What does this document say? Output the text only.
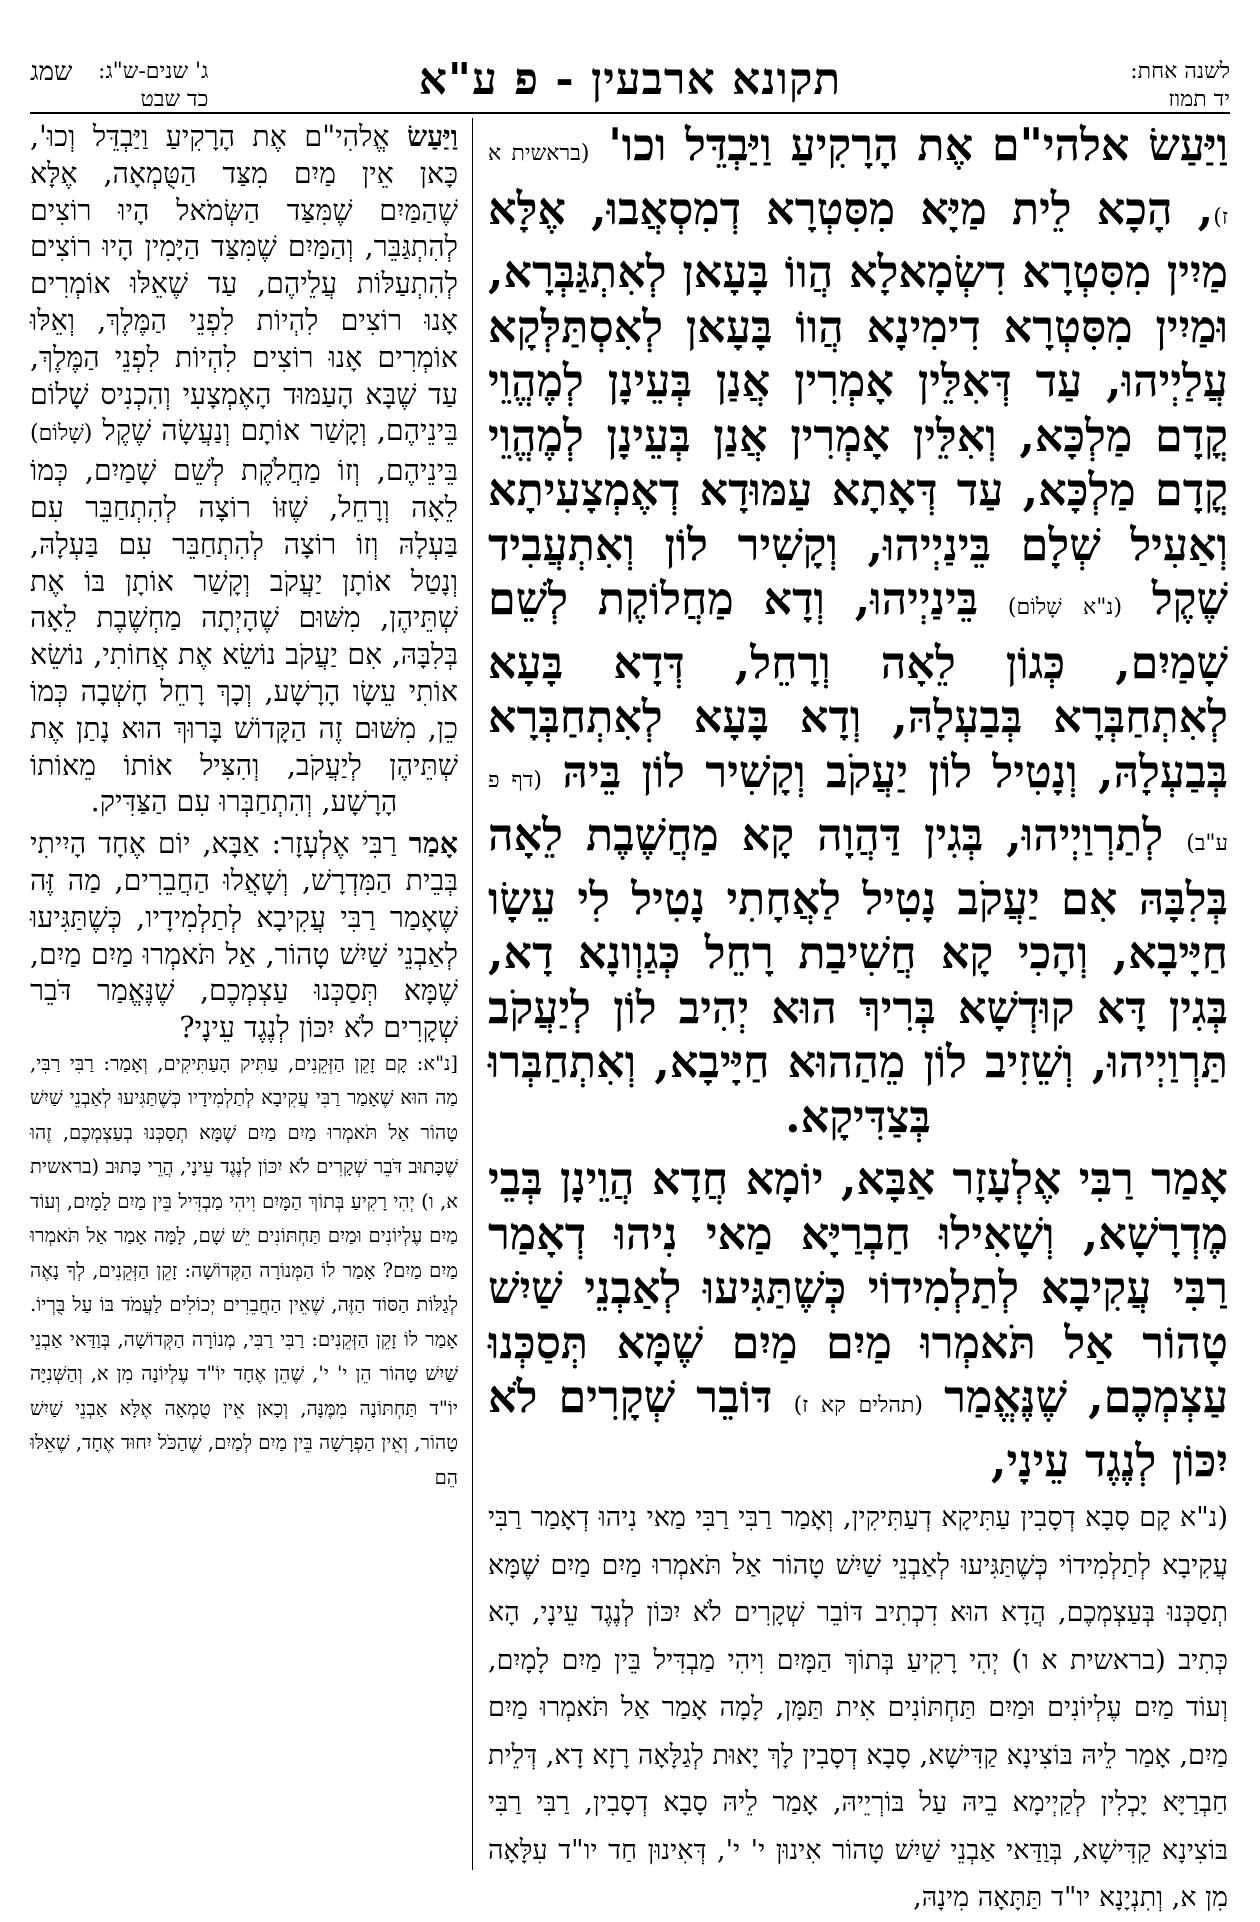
לשנה אחת:
יד תמוז
תקונא ארבעין - פ ע"א
שמג ג' שנים-ש"ג:
כד שבט

וַיַּעַשׂ אלהי"ם אֶת הָרָקִיעַ וַיַּבְדֵּל וכו' (בראשית א ז), הָכָא לֵית מַיָּא מִסִּטְרָא דְמִסְאֲבוּ, אֶלָּא מַיִין מִסִּטְרָא דִשְׂמָאלָא הֲווֹ בָּעָאן לְאִתְגַּבְּרָא, וּמַיִין מִסִּטְרָא דִימִינָא הֲווֹ בָּעָאן לְאִסְתַּלְּקָא עֲלַיְיהוּ, עַד דְּאִלֵּין אָמְרִין אֲנַן בְּעֵינָן לְמֶהֱוֵי קֳדָם מַלְכָּא, וְאִלֵּין אָמְרִין אֲנַן בְּעֵינָן לְמֶהֱוֵי קֳדָם מַלְכָּא, עַד דְּאָתָא עַמּוּדָא דְאֶמְצָעִיתָא וְאַעִיל שְׁלָם בֵּינַיְיהוּ, וְקָשִׁיר לוֹן וְאִתְעֲבִיד שֶׁקֶל (נ"א שָׁלוֹם) בֵּינַיְיהוּ, וְדָא מַחֲלוֹקֶת לְשֵׁם שָׁמַיִם, כְּגוֹן לֵאָה וְרָחֵל, דְּדָא בָּעָא לְאִתְחַבְּרָא בְּבַעְלָהּ, וְדָא בָּעָא לְאִתְחַבְּרָא בְּבַעְלָהּ, וְנָטִיל לוֹן יַעֲקֹב וְקָשִׁיר לוֹן בֵּיהּ (דף פ ע"ב) לְתַרְוַיְיהוּ, בְּגִין דַּהֲוָה קָא מַחֲשֶׁבֶת לֵאָה בְּלִבָּהּ אִם יַעֲקֹב נָטִיל לַאֲחָתִי נָטִיל לִי עֵשָׂו חַיָּיבָא, וְהָכִי קָא חֲשִׁיבַת רָחֵל כְּגַוְונָא דָא, בְּגִין דָּא קוּדְשָׁא בְּרִיךְ הוּא יְהִיב לוֹן לְיַעֲקֹב תַּרְוַיְיהוּ, וְשֵׁזִיב לוֹן מֵהַהוּא חַיָּיבָא, וְאִתְחַבְּרוּ בְּצַדִּיקָא.

אָמַר רַבִּי אֶלְעָזָר אַבָּא, יוֹמָא חֲדָא הֲוֵינָן בְּבֵי מֶדְרָשָׁא, וְשָׁאִילוּ חַבְרַיָּא מַאי נִיהוּ דְאָמַר רַבִּי עֲקִיבָא לְתַלְמִידוֹי כְּשֶׁתַּגִּיעוּ לְאַבְנֵי שַׁיִשׁ טָהוֹר אַל תֹּאמְרוּ מַיִם מַיִם שֶׁמָּא תְּסַכְּנוּ עַצְמְכֶם, שֶׁנֶּאֱמַר (תהלים קא ז) דּוֹבֵר שְׁקָרִים לֹא יִכּוֹן לְנֶגֶד עֵינָי,

(נ"א קָם סָבָא דְסָבִין עַתִּיקָא דְעַתִּיקִין, וְאָמַר רַבִּי רַבִּי מַאי נִיהוּ דְאָמַר רַבִּי עֲקִיבָא לְתַלְמִידוֹי כְּשֶׁתַּגִּיעוּ לְאַבְנֵי שַׁיִשׁ טָהוֹר אַל תֹּאמְרוּ מַיִם מַיִם שֶׁמָּא תְסַכְּנוּ בְּעַצְמְכֶם, הֲדָא הוּא דִכְתִיב דּוֹבֵר שְׁקָרִים לֹא יִכּוֹן לְנֶגֶד עֵינָי, הָא כְּתִיב (בראשית א ו) יְהִי רָקִיעַ בְּתוֹךְ הַמָּיִם וִיהִי מַבְדִּיל בֵּין מַיִם לָמָיִם, וְעוֹד מַיִם עֶלְיוֹנִים וּמַיִם תַּחְתּוֹנִים אִית תַּמָּן, לָמָה אָמַר אַל תֹּאמְרוּ מַיִם מַיִם, אָמַר לֵיהּ בּוֹצִינָא קַדִּישָׁא, סָבָא דְסָבִין לָךְ יָאוּת לְגַלָּאָה רָזָא דָא, דְּלֵית חַבְרַיָּא יָכְלִין לְקַיְימָא בֵיהּ עַל בּוֹרְיֵיהּ, אָמַר לֵיהּ סָבָא דְסָבִין, רַבִּי רַבִּי בּוֹצִינָא קַדִּישָׁא, בְּוַדַּאי אַבְנֵי שַׁיִשׁ טָהוֹר אִינוּן י' י', דְּאִינוּן חַד יו"ד עִלָּאָה מִן א, וְתִנְיָנָא יו"ד תַּתָּאָה מִינָהּ,

וַיַּעַשׂ אֱלהִי"ם אֶת הָרָקִיעַ וַיַּבְדֵּל וְכוּ', כָּאן אֵין מַיִם מִצַּד הַטֻּמְאָה, אֶלָּא שֶׁהַמַּיִם שֶׁמִּצַּד הַשְּׂמֹאל הָיוּ רוֹצִים לְהִתְגַּבֵּר, וְהַמַּיִם שֶׁמִּצַּד הַיָּמִין הָיוּ רוֹצִים לְהִתְעַלּוֹת עֲלֵיהֶם, עַד שֶׁאֵלּוּ אוֹמְרִים אָנוּ רוֹצִים לִהְיוֹת לִפְנֵי הַמֶּלֶךְ, וְאֵלּוּ אוֹמְרִים אָנוּ רוֹצִים לִהְיוֹת לִפְנֵי הַמֶּלֶךְ, עַד שֶׁבָּא הָעַמּוּד הָאֶמְצָעִי וְהִכְנִיס שָׁלוֹם בֵּינֵיהֶם, וְקָשַׁר אוֹתָם וְנַעֲשָׂה שֶׁקֶל (שָׁלוֹם) בֵּינֵיהֶם, וְזוֹ מַחֲלֹקֶת לְשֵׁם שָׁמַיִם, כְּמוֹ לֵאָה וְרָחֵל, שֶׁזּוֹ רוֹצָה לְהִתְחַבֵּר עִם בַּעְלָהּ וְזוֹ רוֹצָה לְהִתְחַבֵּר עִם בַּעְלָהּ, וְנָטַל אוֹתָן יַעֲקֹב וְקָשַׁר אוֹתָן בּוֹ אֶת שְׁתֵּיהֶן, מִשּׁוּם שֶׁהָיְתָה מַחְשֶׁבֶת לֵאָה בְּלִבָּהּ, אִם יַעֲקֹב נוֹשֵׂא אֶת אֲחוֹתִי, נוֹשֵׂא אוֹתִי עֵשָׂו הָרָשָׁע, וְכָךְ רָחֵל חָשְׁבָה כְּמוֹ כֵן, מִשּׁוּם זֶה הַקָּדוֹשׁ בָּרוּךְ הוּא נָתַן אֶת שְׁתֵּיהֶן לְיַעֲקֹב, וְהִצִּיל אוֹתוֹ מֵאוֹתוֹ הָרָשָׁע, וְהִתְחַבְּרוּ עִם הַצַּדִּיק.

אָמַר רַבִּי אֶלְעָזָר: אַבָּא, יוֹם אֶחָד הָיִיתִי בְּבֵית הַמִּדְרָשׁ, וְשָׁאֲלוּ הַחֲבֵרִים, מַה זֶּה שֶׁאָמַר רַבִּי עֲקִיבָא לְתַלְמִידָיו, כְּשֶׁתַּגִּיעוּ לְאַבְנֵי שַׁיִשׁ טָהוֹר, אַל תֹּאמְרוּ מַיִם מַיִם, שֶׁמָּא תְּסַכְּנוּ עַצְמְכֶם, שֶׁנֶּאֱמַר דֹּבֵר שְׁקָרִים לֹא יִכּוֹן לְנֶגֶד עֵינָי?

[נ"א: קָם זָקֵן הַזְּקֵנִים, עַתִּיק הָעַתִּיקִים, וְאָמַר: רַבִּי רַבִּי, מַה הוּא שֶׁאָמַר רַבִּי עֲקִיבָא לְתַלְמִידָיו כְּשֶׁתַּגִּיעוּ לְאַבְנֵי שַׁיִשׁ טָהוֹר אַל תֹּאמְרוּ מַיִם מַיִם שֶׁמָּא תְסַכְּנוּ בְעַצְמְכֶם, זֶהוּ שֶׁכָּתוּב דֹּבֵר שְׁקָרִים לֹא יִכּוֹן לְנֶגֶד עֵינָי, הֲרֵי כָּתוּב (בראשית א, ו) יְהִי רָקִיעַ בְּתוֹךְ הַמָּיִם וִיהִי מַבְדִּיל בֵּין מַיִם לָמָיִם, וְעוֹד מַיִם עֶלְיוֹנִים וּמַיִם תַּחְתּוֹנִים יֵשׁ שָׁם, לָמָּה אָמַר אַל תֹּאמְרוּ מַיִם מַיִם? אָמַר לוֹ הַמְּנוֹרָה הַקְּדוֹשָׁה: זָקֵן הַזְּקֵנִים, לְךָ נָאֶה לְגַלּוֹת הַסּוֹד הַזֶּה, שֶׁאֵין הַחֲבֵרִים יְכוֹלִים לַעֲמֹד בּוֹ עַל בֻּרְיוֹ. אָמַר לוֹ זָקֵן הַזְּקֵנִים: רַבִּי רַבִּי, מְנוֹרָה הַקְּדוֹשָׁה, בְּוַדַּאי אַבְנֵי שַׁיִשׁ טָהוֹר הֵן י' י', שֶׁהֵן אֶחָד יוֹ"ד עֶלְיוֹנָה מִן א, וְהַשְּׁנִיָּה יוֹ"ד תַּחְתּוֹנָה מִמֶּנָּה, וְכָאן אֵין טֻמְאָה אֶלָּא אַבְנֵי שַׁיִשׁ טָהוֹר, וְאֵין הַפְרָשָׁה בֵּין מַיִם לְמַיִם, שֶׁהַכֹּל יִחוּד אֶחָד, שֶׁאֵלּוּ הֵם
